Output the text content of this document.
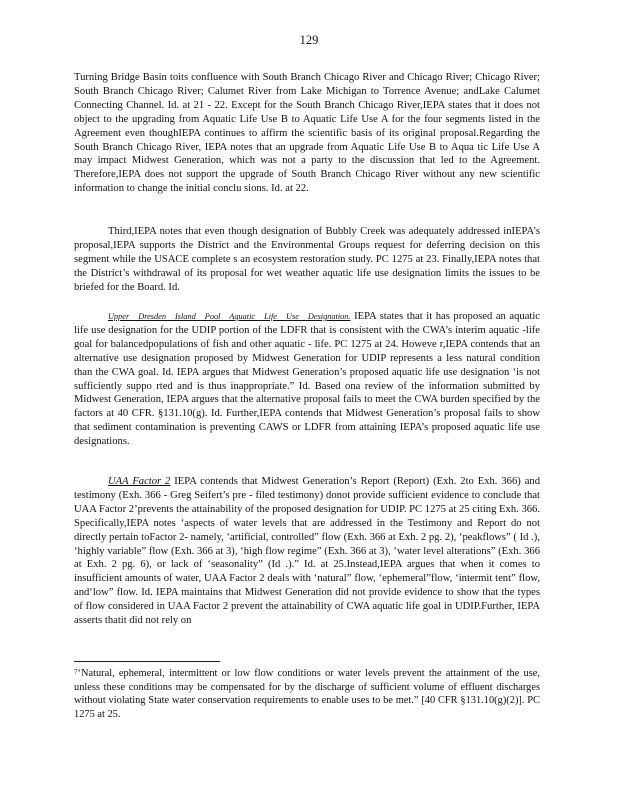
129

Turning Bridge Basin toits confluence with South Branch Chicago River and Chicago River; Chicago River; South Branch Chicago River; Calumet River from Lake Michigan to Torrence Avenue; andLake Calumet Connecting Channel. Id. at 21 - 22. Except for the South Branch Chicago River,IEPA states that it does not object to the upgrading from Aquatic Life Use B to Aquatic Life Use A for the four segments listed in the Agreement even thoughIEPA continues to affirm the scientific basis of its original proposal.Regarding the South Branch Chicago River, IEPA notes that an upgrade from Aquatic Life Use B to Aqua tic Life Use A may impact Midwest Generation, which was not a party to the discussion that led to the Agreement. Therefore,IEPA does not support the upgrade of South Branch Chicago River without any new scientific information to change the initial conclu sions. Id. at 22.

Third,IEPA notes that even though designation of Bubbly Creek was adequately addressed inIEPA’s proposal,IEPA supports the District and the Environmental Groups request for deferring decision on this segment while the USACE complete s an ecosystem restoration study. PC 1275 at 23. Finally,IEPA notes that the District’s withdrawal of its proposal for wet weather aquatic life use designation limits the issues to be briefed for the Board. Id.

Upper Dresden Island Pool Aquatic Life Use Designation. IEPA states that it has proposed an aquatic life use designation for the UDIP portion of the LDFR that is consistent with the CWA’s interim aquatic -life goal for balancedpopulations of fish and other aquatic - life. PC 1275 at 24. Howeve r,IEPA contends that an alternative use designation proposed by Midwest Generation for UDIP represents a less natural condition than the CWA goal. Id. IEPA argues that Midwest Generation’s proposed aquatic life use designation ‘is not sufficiently suppo rted and is thus inappropriate.” Id. Based ona review of the information submitted by Midwest Generation, IEPA argues that the alternative proposal fails to meet the CWA burden specified by the factors at 40 CFR. §131.10(g). Id. Further,IEPA contends that Midwest Generation’s proposal fails to show that sediment contamination is preventing CAWS or LDFR from attaining IEPA’s proposed aquatic life use designations.

UAA Factor 2 IEPA contends that Midwest Generation’s Report (Report) (Exh. 2to Exh. 366) and testimony (Exh. 366 - Greg Seifert’s pre - filed testimony) donot provide sufficient evidence to conclude that UAA Factor 2’prevents the attainability of the proposed designation for UDIP. PC 1275 at 25 citing Exh. 366. Specifically,IEPA notes ‘aspects of water levels that are addressed in the Testimony and Report do not directly pertain toFactor 2- namely, ‘artificial, controlled” flow (Exh. 366 at Exh. 2 pg. 2), ‘peakflows” ( Id .), ‘highly variable” flow (Exh. 366 at 3), ‘high flow regime” (Exh. 366 at 3), ‘water level alterations” (Exh. 366 at Exh. 2 pg. 6), or lack of ‘seasonality” (Id .).” Id. at 25.Instead,IEPA argues that when it comes to insufficient amounts of water, UAA Factor 2 deals with ‘natural” flow, ‘ephemeral”flow, ‘intermit tent” flow, and‘low” flow. Id. IEPA maintains that Midwest Generation did not provide evidence to show that the types of flow considered in UAA Factor 2 prevent the attainability of CWA aquatic life goal in UDIP.Further, IEPA asserts thatit did not rely on

$^7$‘Natural, ephemeral, intermittent or low flow conditions or water levels prevent the attainment of the use, unless these conditions may be compensated for by the discharge of sufficient volume of effluent discharges without violating State water conservation requirements to enable uses to be met.” [40 CFR §131.10(g)(2)]. PC 1275 at 25.
